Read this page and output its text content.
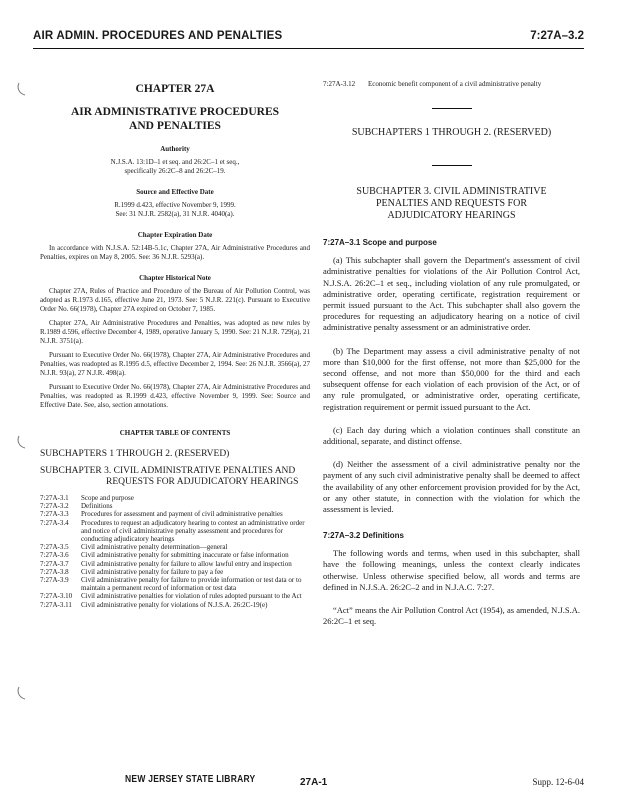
AIR ADMIN. PROCEDURES AND PENALTIES	7:27A–3.2
CHAPTER 27A
AIR ADMINISTRATIVE PROCEDURES
AND PENALTIES
Authority
N.J.S.A. 13:1D–1 et seq. and 26:2C–1 et seq.,
specifically 26:2C–8 and 26:2C–19.
Source and Effective Date
R.1999 d.423, effective November 9, 1999.
See: 31 N.J.R. 2582(a), 31 N.J.R. 4040(a).
Chapter Expiration Date

In accordance with N.J.S.A. 52:14B-5.1c, Chapter 27A, Air Administrative Procedures and Penalties, expires on May 8, 2005. See: 36 N.J.R. 5293(a).

Chapter Historical Note

Chapter 27A, Rules of Practice and Procedure of the Bureau of Air Pollution Control, was adopted as R.1973 d.165, effective June 21, 1973. See: 5 N.J.R. 221(c). Pursuant to Executive Order No. 66(1978), Chapter 27A expired on October 7, 1985.

Chapter 27A, Air Administrative Procedures and Penalties, was adopted as new rules by R.1989 d.596, effective December 4, 1989, operative January 5, 1990. See: 21 N.J.R. 729(a), 21 N.J.R. 3751(a).

Pursuant to Executive Order No. 66(1978), Chapter 27A, Air Administrative Procedures and Penalties, was readopted as R.1995 d.5, effective December 2, 1994. See: 26 N.J.R. 3566(a), 27 N.J.R. 93(a), 27 N.J.R. 498(a).

Pursuant to Executive Order No. 66(1978), Chapter 27A, Air Administrative Procedures and Penalties, was readopted as R.1999 d.423, effective November 9, 1999. See: Source and Effective Date. See, also, section annotations.

CHAPTER TABLE OF CONTENTS
SUBCHAPTERS 1 THROUGH 2. (RESERVED)
SUBCHAPTER 3. CIVIL ADMINISTRATIVE PENALTIES AND REQUESTS FOR ADJUDICATORY HEARINGS
7:27A-3.1	Scope and purpose
7:27A-3.2	Definitions
7:27A-3.3	Procedures for assessment and payment of civil administrative penalties
7:27A-3.4	Procedures to request an adjudicatory hearing to contest an administrative order and notice of civil administrative penalty assessment and procedures for conducting adjudicatory hearings
7:27A-3.5	Civil administrative penalty determination—general
7:27A-3.6	Civil administrative penalty for submitting inaccurate or false information
7:27A-3.7	Civil administrative penalty for failure to allow lawful entry and inspection
7:27A-3.8	Civil administrative penalty for failure to pay a fee
7:27A-3.9	Civil administrative penalty for failure to provide information or test data or to maintain a permanent record of information or test data
7:27A-3.10	Civil administrative penalties for violation of rules adopted pursuant to the Act
7:27A-3.11	Civil administrative penalty for violations of N.J.S.A. 26:2C-19(e)
7:27A-3.12	Economic benefit component of a civil administrative penalty
SUBCHAPTERS 1 THROUGH 2. (RESERVED)
SUBCHAPTER 3. CIVIL ADMINISTRATIVE
PENALTIES AND REQUESTS FOR
ADJUDICATORY HEARINGS
7:27A–3.1 Scope and purpose

(a) This subchapter shall govern the Department's assessment of civil administrative penalties for violations of the Air Pollution Control Act, N.J.S.A. 26:2C–1 et seq., including violation of any rule promulgated, or administrative order, operating certificate, registration requirement or permit issued pursuant to the Act. This subchapter shall also govern the procedures for requesting an adjudicatory hearing on a notice of civil administrative penalty assessment or an administrative order.

(b) The Department may assess a civil administrative penalty of not more than $10,000 for the first offense, not more than $25,000 for the second offense, and not more than $50,000 for the third and each subsequent offense for each violation of each provision of the Act, or of any rule promulgated, or administrative order, operating certificate, registration requirement or permit issued pursuant to the Act.

(c) Each day during which a violation continues shall constitute an additional, separate, and distinct offense.

(d) Neither the assessment of a civil administrative penalty nor the payment of any such civil administrative penalty shall be deemed to affect the availability of any other enforcement provision provided for by the Act, or any other statute, in connection with the violation for which the assessment is levied.

7:27A–3.2 Definitions

The following words and terms, when used in this subchapter, shall have the following meanings, unless the context clearly indicates otherwise. Unless otherwise specified below, all words and terms are defined in N.J.S.A. 26:2C–2 and in N.J.A.C. 7:27.

“Act” means the Air Pollution Control Act (1954), as amended, N.J.S.A. 26:2C–1 et seq.

NEW JERSEY STATE LIBRARY	27A-1	Supp. 12-6-04
